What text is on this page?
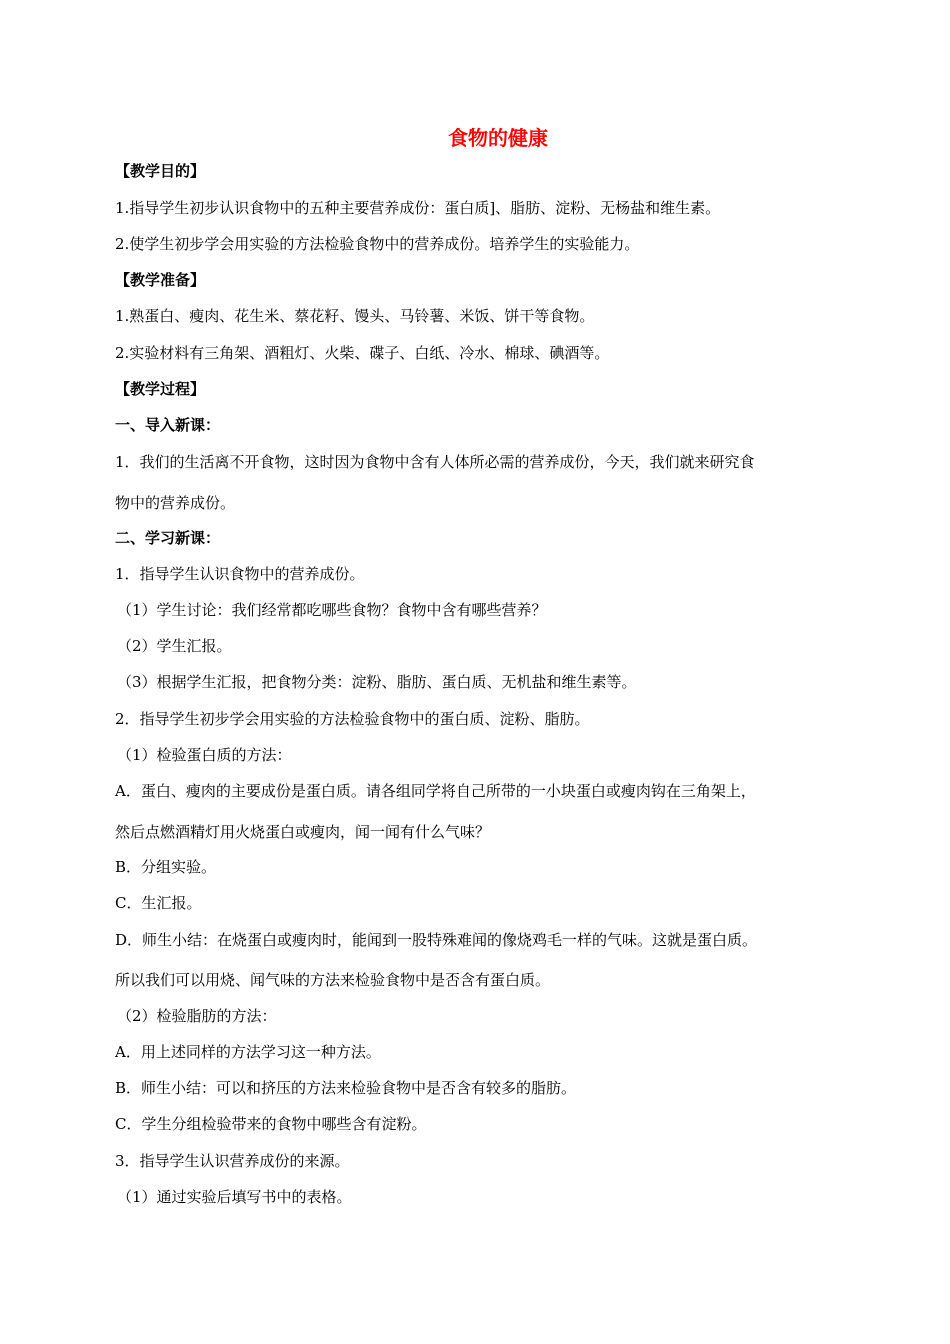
食物的健康
【教学目的】
1.指导学生初步认识食物中的五种主要营养成份：蛋白质]、脂肪、淀粉、无杨盐和维生素。
2.使学生初步学会用实验的方法检验食物中的营养成份。培养学生的实验能力。
【教学准备】
1.熟蛋白、瘦肉、花生米、蔡花籽、馒头、马铃薯、米饭、饼干等食物。
2.实验材料有三角架、酒粗灯、火柴、碟子、白纸、冷水、棉球、碘酒等。
【教学过程】
一、导入新课：
1．我们的生活离不开食物，这时因为食物中含有人体所必需的营养成份，今天，我们就来研究食
物中的营养成份。
二、学习新课：
1．指导学生认识食物中的营养成份。
（1）学生讨论：我们经常都吃哪些食物？食物中含有哪些营养？
（2）学生汇报。
（3）根据学生汇报，把食物分类：淀粉、脂肪、蛋白质、无机盐和维生素等。
2．指导学生初步学会用实验的方法检验食物中的蛋白质、淀粉、脂肪。
（1）检验蛋白质的方法：
A．蛋白、瘦肉的主要成份是蛋白质。请各组同学将自己所带的一小块蛋白或瘦肉钩在三角架上，
然后点燃酒精灯用火烧蛋白或瘦肉，闻一闻有什么气味？
B．分组实验。
C．生汇报。
D．师生小结：在烧蛋白或瘦肉时，能闻到一股特殊难闻的像烧鸡毛一样的气味。这就是蛋白质。
所以我们可以用烧、闻气味的方法来检验食物中是否含有蛋白质。
（2）检验脂肪的方法：
A．用上述同样的方法学习这一种方法。
B．师生小结：可以和挤压的方法来检验食物中是否含有较多的脂肪。
C．学生分组检验带来的食物中哪些含有淀粉。
3．指导学生认识营养成份的来源。
（1）通过实验后填写书中的表格。
